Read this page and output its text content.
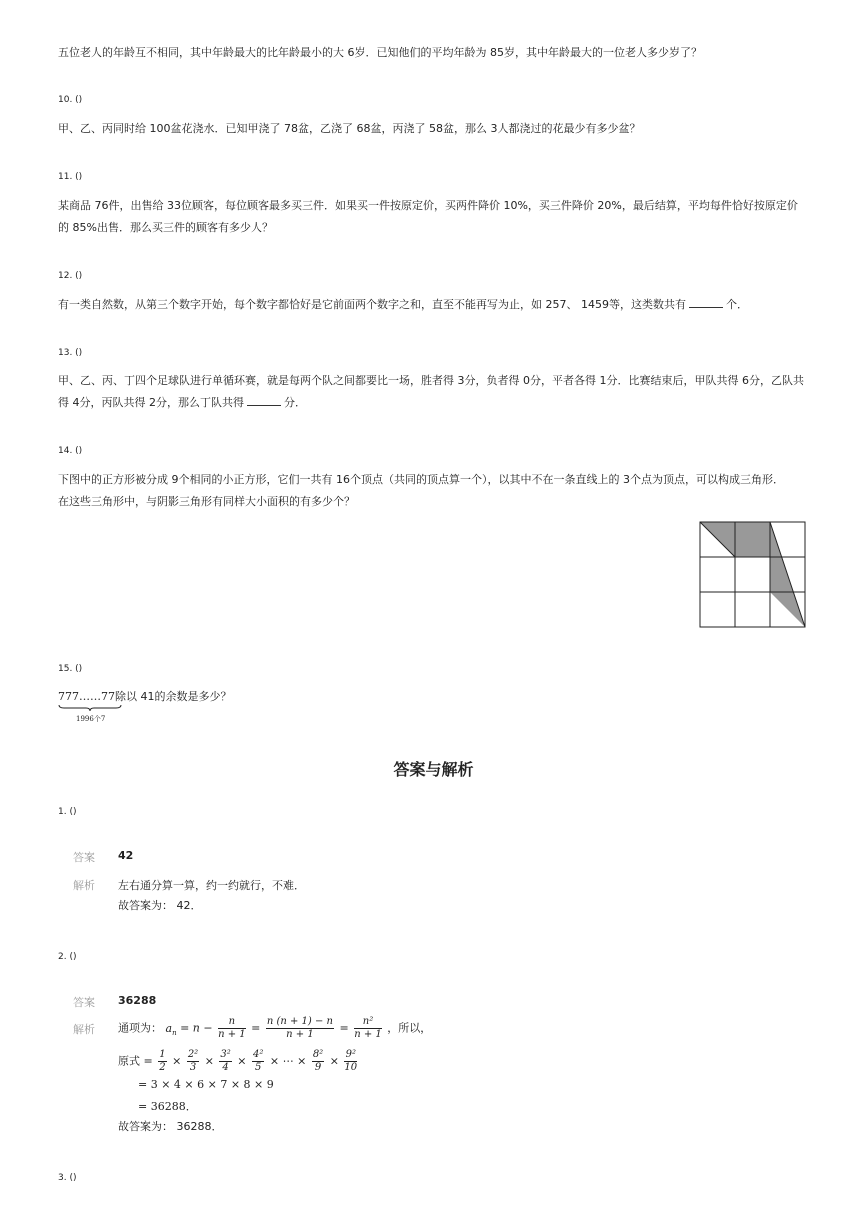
五位老人的年龄互不相同，其中年龄最大的比年龄最小的大 6岁．已知他们的平均年龄为 85岁，其中年龄最大的一位老人多少岁了？
10. ()
甲、乙、丙同时给 100盆花浇水．已知甲浇了 78盆，乙浇了 68盆，丙浇了 58盆，那么 3人都浇过的花最少有多少盆？
11. ()
某商品 76件，出售给 33位顾客，每位顾客最多买三件．如果买一件按原定价，买两件降价 10%，买三件降价 20%，最后结算，平均每件恰好按原定价的 85%出售．那么买三件的顾客有多少人？
12. ()
有一类自然数，从第三个数字开始，每个数字都恰好是它前面两个数字之和，直至不能再写为止，如 257、 1459等，这类数共有	个．
13. ()
甲、乙、丙、丁四个足球队进行单循环赛，就是每两个队之间都要比一场，胜者得 3分，负者得 0分，平者各得 1分．比赛结束后，甲队共得 6分，乙队共得 4分，丙队共得 2分，那么丁队共得	分．
14. ()
下图中的正方形被分成 9个相同的小正方形，它们一共有 16个顶点（共同的顶点算一个），以其中不在一条直线上的 3个点为顶点，可以构成三角形．在这些三角形中，与阴影三角形有同样大小面积的有多少个？
15. ()
777……77
1996个7
除以 41的余数是多少？
答案与解析
1. ()
答案 42
解析 左右通分算一算，约一约就行，不难．
故答案为： 42．
2. ()
答案 36288
解析 通项为： $a_n = n - \frac{n}{n + 1} = \frac{n (n + 1) - n}{n + 1} = \frac{\text{n²}}{n + 1}$ ，所以，
原式 = $\frac{1}{2} \times \frac{\text{2²}}{3} \times \frac{\text{3²}}{4} \times \frac{\text{4²}}{5}$ × ⋯ × $\frac{\text{8²}}{9} \times \frac{\text{9²}}{10}$
= 3 × 4 × 6 × 7 × 8 × 9
= 36288．
故答案为： 36288．
3. ()
